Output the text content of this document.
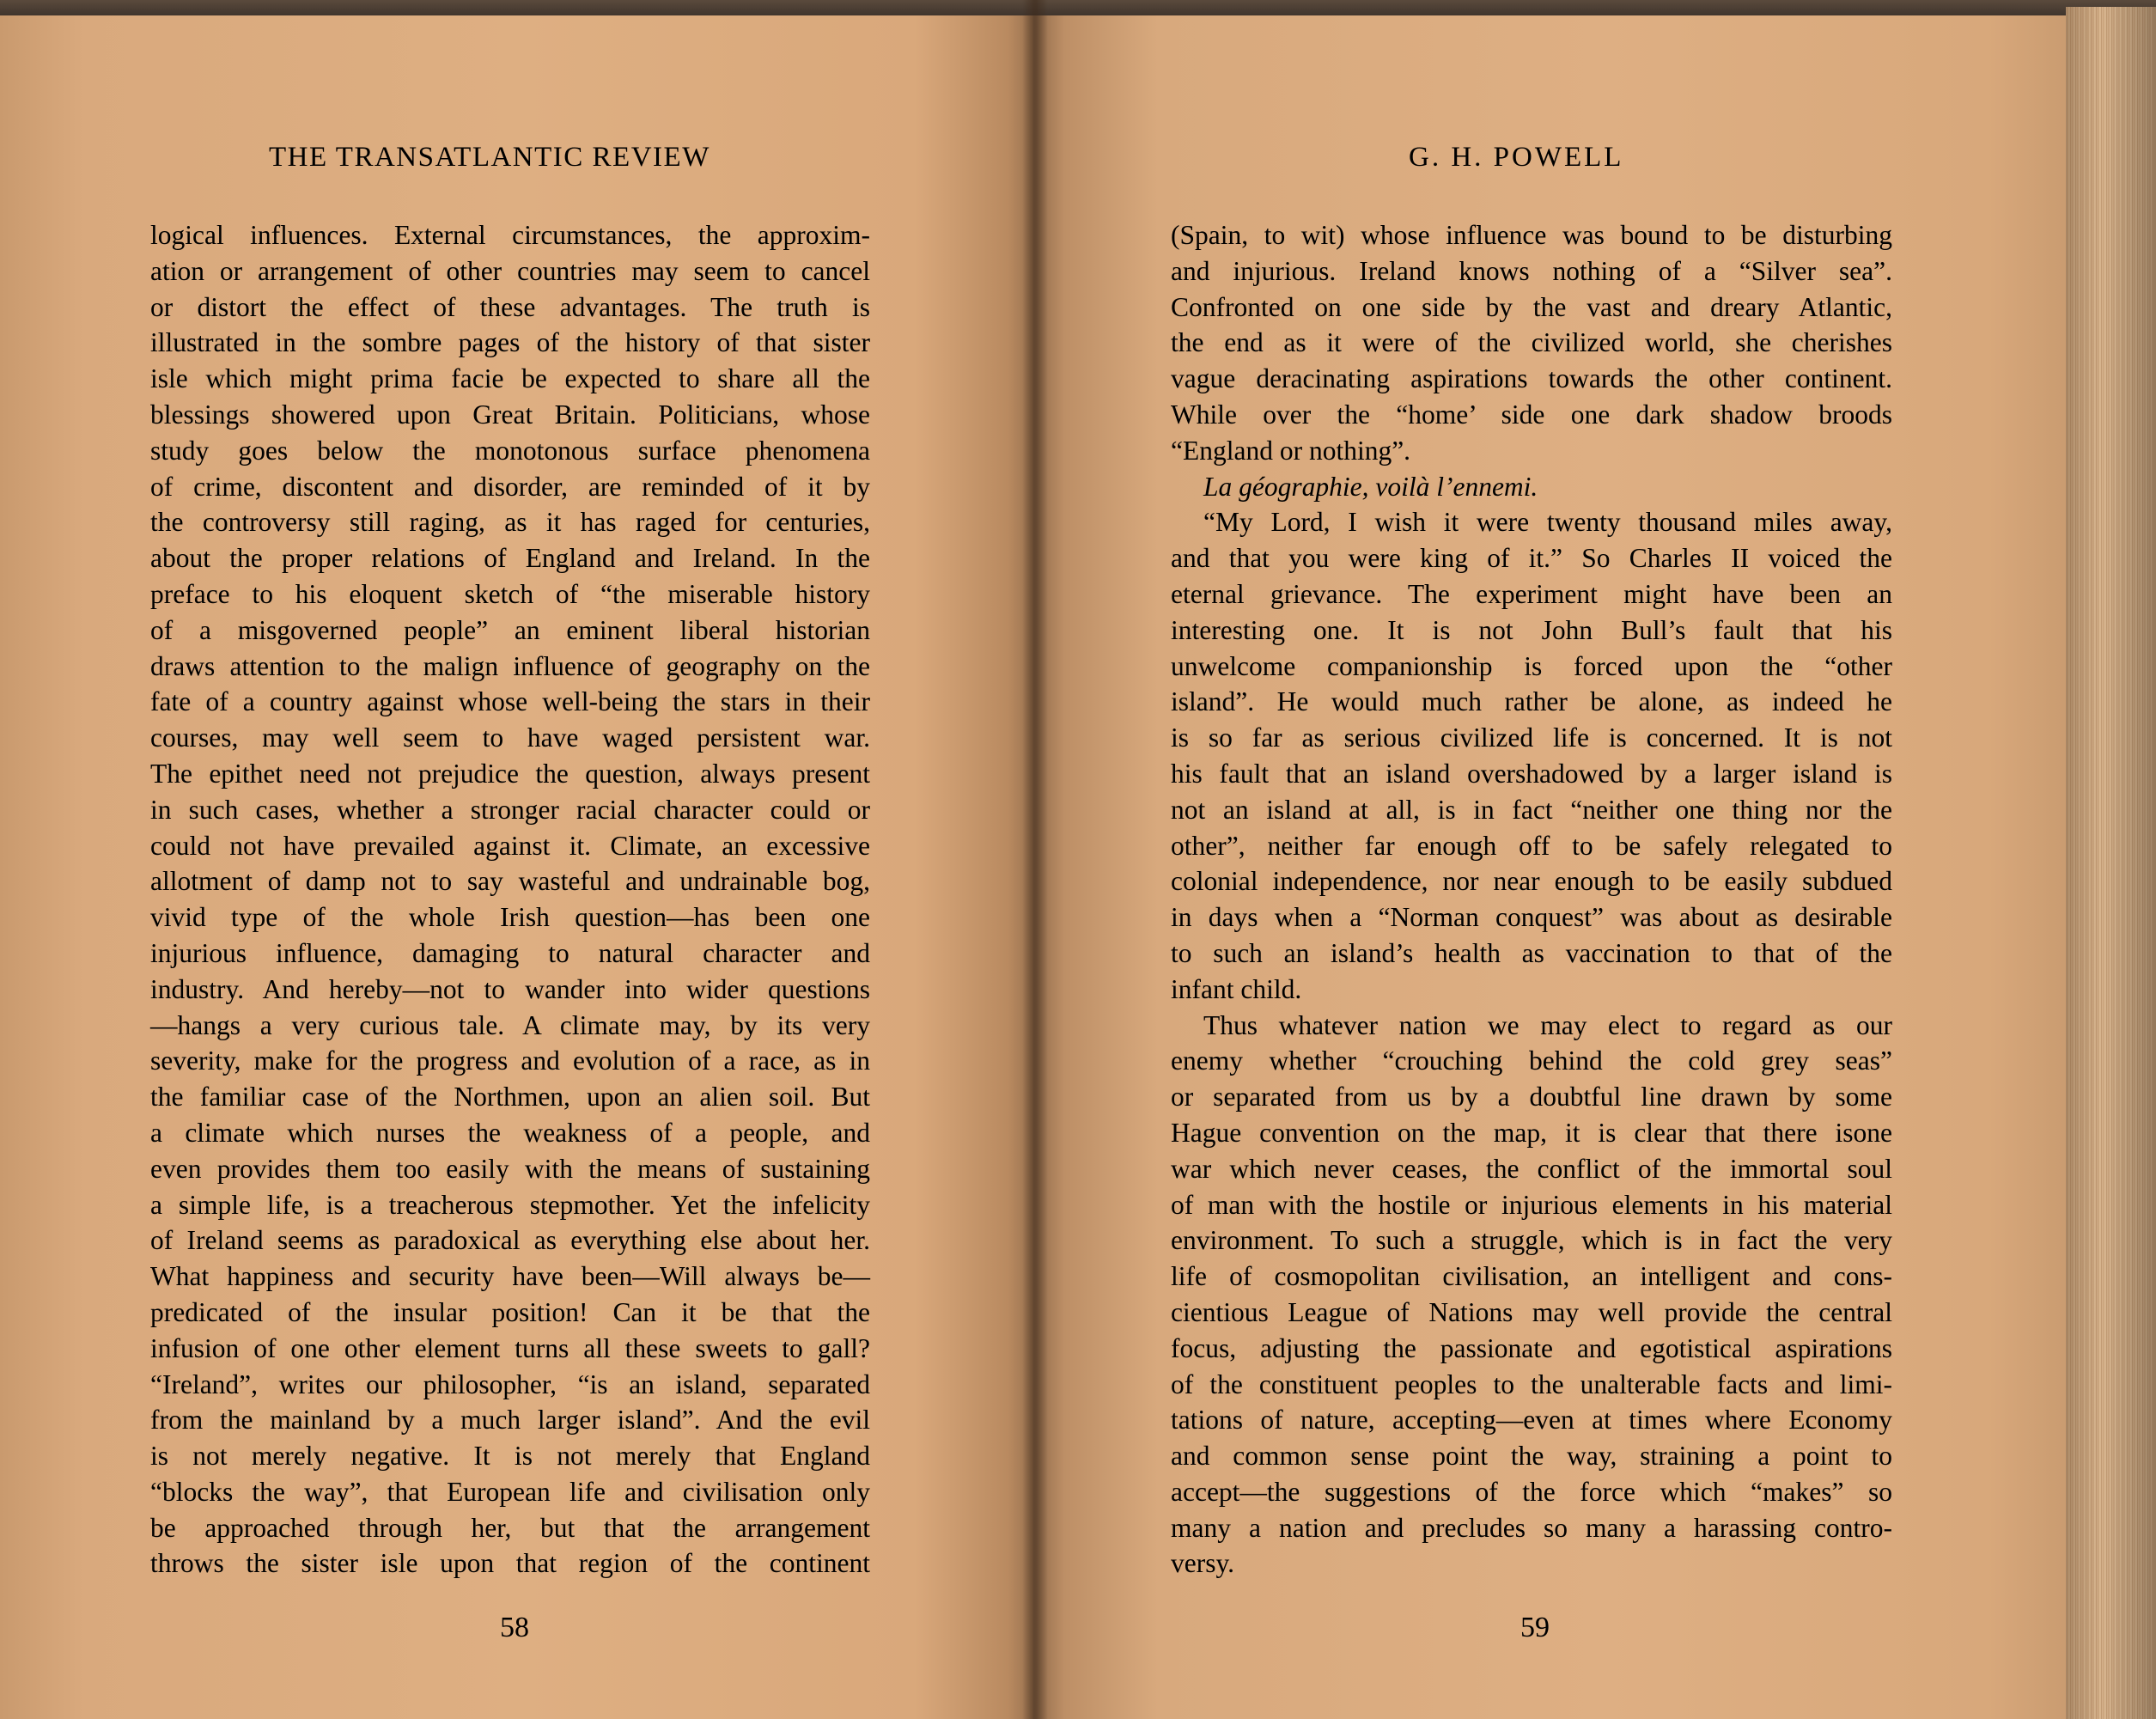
THE TRANSATLANTIC REVIEW	G. H. POWELL
logical influences. External circumstances, the approxim-
ation or arrangement of other countries may seem to cancel
or distort the effect of these advantages. The truth is
illustrated in the sombre pages of the history of that sister
isle which might prima facie be expected to share all the
blessings showered upon Great Britain. Politicians, whose
study goes below the monotonous surface phenomena
of crime, discontent and disorder, are reminded of it by
the controversy still raging, as it has raged for centuries,
about the proper relations of England and Ireland. In the
preface to his eloquent sketch of “the miserable history
of a misgoverned people” an eminent liberal historian
draws attention to the malign influence of geography on the
fate of a country against whose well-being the stars in their
courses, may well seem to have waged persistent war.
The epithet need not prejudice the question, always present
in such cases, whether a stronger racial character could or
could not have prevailed against it. Climate, an excessive
allotment of damp not to say wasteful and undrainable bog,
vivid type of the whole Irish question—has been one
injurious influence, damaging to natural character and
industry. And hereby—not to wander into wider questions
—hangs a very curious tale. A climate may, by its very
severity, make for the progress and evolution of a race, as in
the familiar case of the Northmen, upon an alien soil. But
a climate which nurses the weakness of a people, and
even provides them too easily with the means of sustaining
a simple life, is a treacherous stepmother. Yet the infelicity
of Ireland seems as paradoxical as everything else about her.
What happiness and security have been—Will always be—
predicated of the insular position! Can it be that the
infusion of one other element turns all these sweets to gall?
“Ireland”, writes our philosopher, “is an island, separated
from the mainland by a much larger island”. And the evil
is not merely negative. It is not merely that England
“blocks the way”, that European life and civilisation only
be approached through her, but that the arrangement
throws the sister isle upon that region of the continent
(Spain, to wit) whose influence was bound to be disturbing
and injurious. Ireland knows nothing of a “Silver sea”.
Confronted on one side by the vast and dreary Atlantic,
the end as it were of the civilized world, she cherishes
vague deracinating aspirations towards the other continent.
While over the “home’ side one dark shadow broods
“England or nothing”.
La géographie, voilà l’ennemi.
“My Lord, I wish it were twenty thousand miles away,
and that you were king of it.” So Charles II voiced the
eternal grievance. The experiment might have been an
interesting one. It is not John Bull’s fault that his
unwelcome companionship is forced upon the “other
island”. He would much rather be alone, as indeed he
is so far as serious civilized life is concerned. It is not
his fault that an island overshadowed by a larger island is
not an island at all, is in fact “neither one thing nor the
other”, neither far enough off to be safely relegated to
colonial independence, nor near enough to be easily subdued
in days when a “Norman conquest” was about as desirable
to such an island’s health as vaccination to that of the
infant child.
Thus whatever nation we may elect to regard as our
enemy whether “crouching behind the cold grey seas”
or separated from us by a doubtful line drawn by some
Hague convention on the map, it is clear that there isone
war which never ceases, the conflict of the immortal soul
of man with the hostile or injurious elements in his material
environment. To such a struggle, which is in fact the very
life of cosmopolitan civilisation, an intelligent and cons-
cientious League of Nations may well provide the central
focus, adjusting the passionate and egotistical aspirations
of the constituent peoples to the unalterable facts and limi-
tations of nature, accepting—even at times where Economy
and common sense point the way, straining a point to
accept—the suggestions of the force which “makes” so
many a nation and precludes so many a harassing contro-
versy.
58	59
